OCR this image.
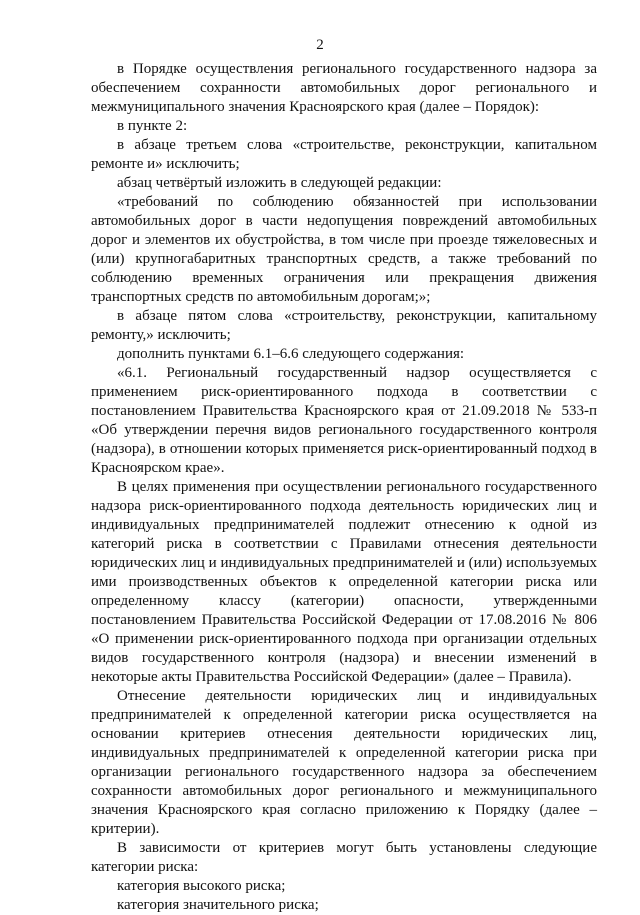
2

в Порядке осуществления регионального государственного надзора за обеспечением сохранности автомобильных дорог регионального и межмуниципального значения Красноярского края (далее – Порядок):

в пункте 2:

в абзаце третьем слова «строительстве, реконструкции, капитальном ремонте и» исключить;

абзац четвёртый изложить в следующей редакции:

«требований по соблюдению обязанностей при использовании автомобильных дорог в части недопущения повреждений автомобильных дорог и элементов их обустройства, в том числе при проезде тяжеловесных и (или) крупногабаритных транспортных средств, а также требований по соблюдению временных ограничения или прекращения движения транспортных средств по автомобильным дорогам;»;

в абзаце пятом слова «строительству, реконструкции, капитальному ремонту,» исключить;

дополнить пунктами 6.1–6.6 следующего содержания:

«6.1. Региональный государственный надзор осуществляется с применением риск-ориентированного подхода в соответствии с постановлением Правительства Красноярского края от 21.09.2018 № 533-п «Об утверждении перечня видов регионального государственного контроля (надзора), в отношении которых применяется риск-ориентированный подход в Красноярском крае».

В целях применения при осуществлении регионального государственного надзора риск-ориентированного подхода деятельность юридических лиц и индивидуальных предпринимателей подлежит отнесению к одной из категорий риска в соответствии с Правилами отнесения деятельности юридических лиц и индивидуальных предпринимателей и (или) используемых ими производственных объектов к определенной категории риска или определенному классу (категории) опасности, утвержденными постановлением Правительства Российской Федерации от 17.08.2016 № 806 «О применении риск-ориентированного подхода при организации отдельных видов государственного контроля (надзора) и внесении изменений в некоторые акты Правительства Российской Федерации» (далее – Правила).

Отнесение деятельности юридических лиц и индивидуальных предпринимателей к определенной категории риска осуществляется на основании критериев отнесения деятельности юридических лиц, индивидуальных предпринимателей к определенной категории риска при организации регионального государственного надзора за обеспечением сохранности автомобильных дорог регионального и межмуниципального значения Красноярского края согласно приложению к Порядку (далее – критерии).

В зависимости от критериев могут быть установлены следующие категории риска:

категория высокого риска;

категория значительного риска;
